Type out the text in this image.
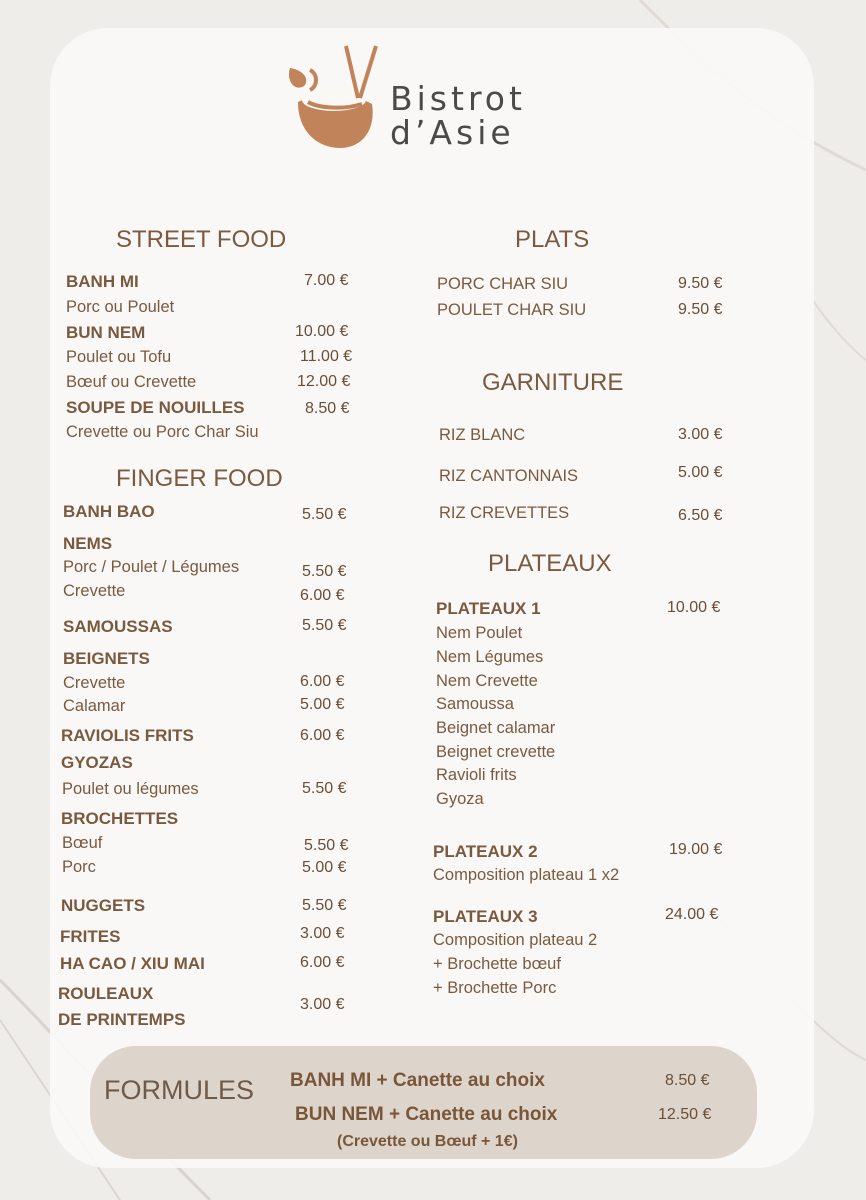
Bistrot
d’Asie
STREET FOOD
BANH MI	7.00 €
Porc ou Poulet
BUN NEM	10.00 €
Poulet ou Tofu	11.00 €
Bœuf ou Crevette	12.00 €
SOUPE DE NOUILLES	8.50 €
Crevette ou Porc Char Siu
FINGER FOOD
BANH BAO	5.50 €
NEMS
Porc / Poulet / Légumes	5.50 €
Crevette	6.00 €
SAMOUSSAS	5.50 €
BEIGNETS
Crevette	6.00 €
Calamar	5.00 €
RAVIOLIS FRITS	6.00 €
GYOZAS
Poulet ou légumes	5.50 €
BROCHETTES
Bœuf	5.50 €
Porc	5.00 €
NUGGETS	5.50 €
FRITES	3.00 €
HA CAO / XIU MAI	6.00 €
ROULEAUX
DE PRINTEMPS
3.00 €
PLATS
PORC CHAR SIU	9.50 €
POULET CHAR SIU	9.50 €
GARNITURE
RIZ BLANC	3.00 €
RIZ CANTONNAIS	5.00 €
RIZ CREVETTES	6.50 €
PLATEAUX
PLATEAUX 1	10.00 €
Nem Poulet
Nem Légumes
Nem Crevette
Samoussa
Beignet calamar
Beignet crevette
Ravioli frits
Gyoza
PLATEAUX 2	19.00 €
Composition plateau 1 x2
PLATEAUX 3	24.00 €
Composition plateau 2
+ Brochette bœuf
+ Brochette Porc
FORMULES BANH MI + Canette au choix	8.50 €
BUN NEM + Canette au choix	12.50 €
(Crevette ou Bœuf + 1€)
